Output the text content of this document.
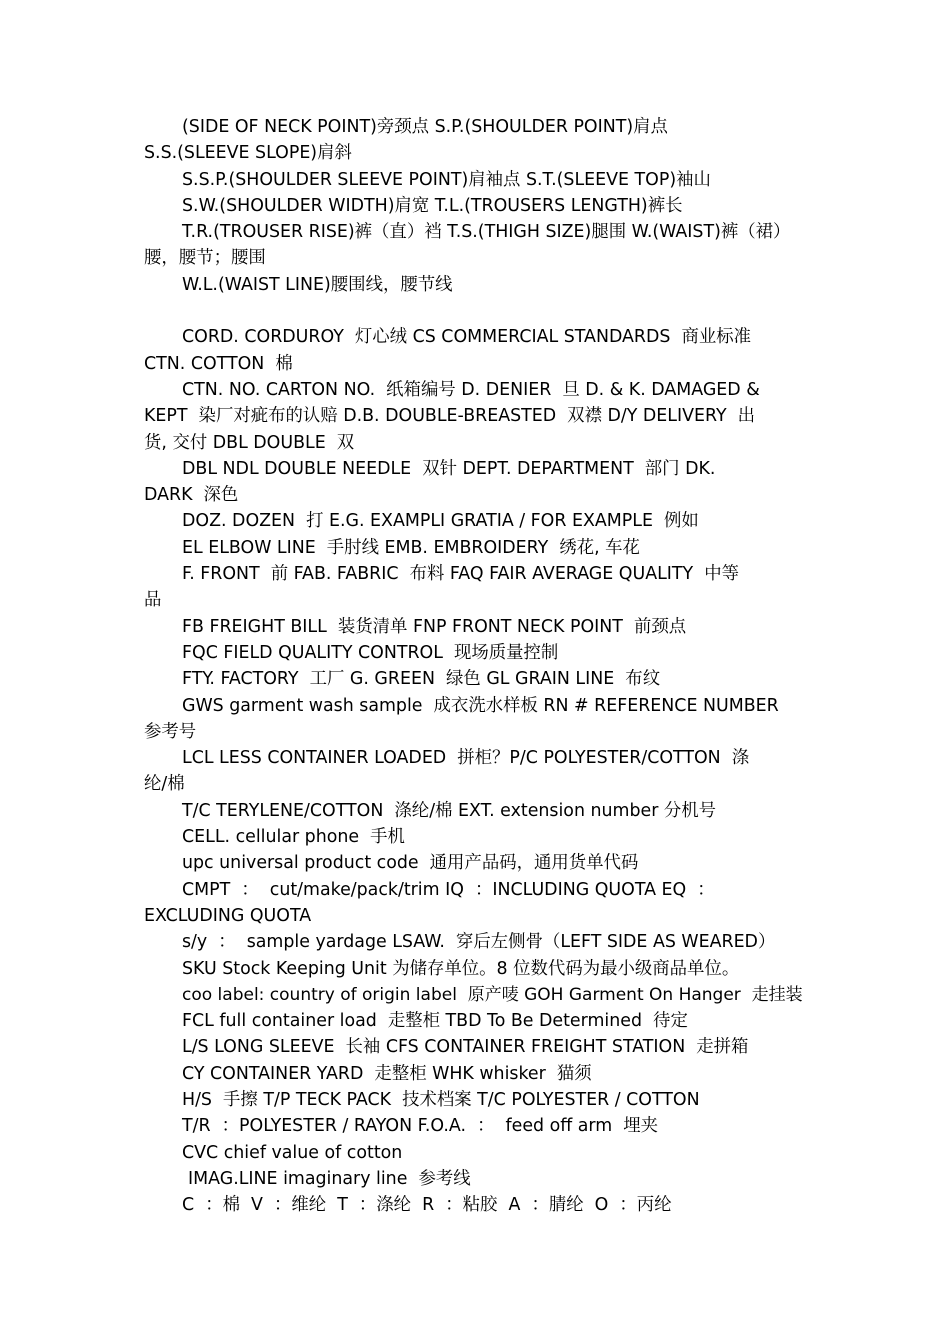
(SIDE OF NECK POINT)旁颈点 S.P.(SHOULDER POINT)肩点
S.S.(SLEEVE SLOPE)肩斜
S.S.P.(SHOULDER SLEEVE POINT)肩袖点 S.T.(SLEEVE TOP)袖山
S.W.(SHOULDER WIDTH)肩宽 T.L.(TROUSERS LENGTH)裤长
T.R.(TROUSER RISE)裤（直）裆 T.S.(THIGH SIZE)腿围 W.(WAIST)裤（裙）
腰，腰节；腰围
W.L.(WAIST LINE)腰围线，腰节线
CORD. CORDUROY  灯心绒 CS COMMERCIAL STANDARDS  商业标准
CTN. COTTON  棉
CTN. NO. CARTON NO.  纸箱编号 D. DENIER  旦 D. & K. DAMAGED &
KEPT  染厂对疵布的认赔 D.B. DOUBLE-BREASTED  双襟 D/Y DELIVERY  出
货, 交付 DBL DOUBLE  双
DBL NDL DOUBLE NEEDLE  双针 DEPT. DEPARTMENT  部门 DK.
DARK  深色
DOZ. DOZEN  打 E.G. EXAMPLI GRATIA / FOR EXAMPLE  例如
EL ELBOW LINE  手肘线 EMB. EMBROIDERY  绣花, 车花
F. FRONT  前 FAB. FABRIC  布料 FAQ FAIR AVERAGE QUALITY  中等
品
FB FREIGHT BILL  装货清单 FNP FRONT NECK POINT  前颈点
FQC FIELD QUALITY CONTROL  现场质量控制
FTY. FACTORY  工厂 G. GREEN  绿色 GL GRAIN LINE  布纹
GWS garment wash sample  成衣洗水样板 RN # REFERENCE NUMBER
参考号
LCL LESS CONTAINER LOADED  拼柜？P/C POLYESTER/COTTON  涤
纶/棉
T/C TERYLENE/COTTON  涤纶/棉 EXT. extension number 分机号
CELL. cellular phone  手机
upc universal product code  通用产品码，通用货单代码
CMPT  ：  cut/make/pack/trim IQ  ：INCLUDING QUOTA EQ  ：
EXCLUDING QUOTA
s/y  ：  sample yardage LSAW.  穿后左侧骨（LEFT SIDE AS WEARED）
SKU Stock Keeping Unit 为储存单位。8 位数代码为最小级商品单位。
coo label: country of origin label  原产唛 GOH Garment On Hanger  走挂装
FCL full container load  走整柜 TBD To Be Determined  待定
L/S LONG SLEEVE  长袖 CFS CONTAINER FREIGHT STATION  走拼箱
CY CONTAINER YARD  走整柜 WHK whisker  猫须
H/S  手擦 T/P TECK PACK  技术档案 T/C POLYESTER / COTTON
T/R  ：POLYESTER / RAYON F.O.A.  ：  feed off arm  埋夹
CVC chief value of cotton
IMAG.LINE imaginary line  参考线
C  ：棉  V  ：维纶  T  ：涤纶  R  ：粘胶  A  ：腈纶  O  ：丙纶
